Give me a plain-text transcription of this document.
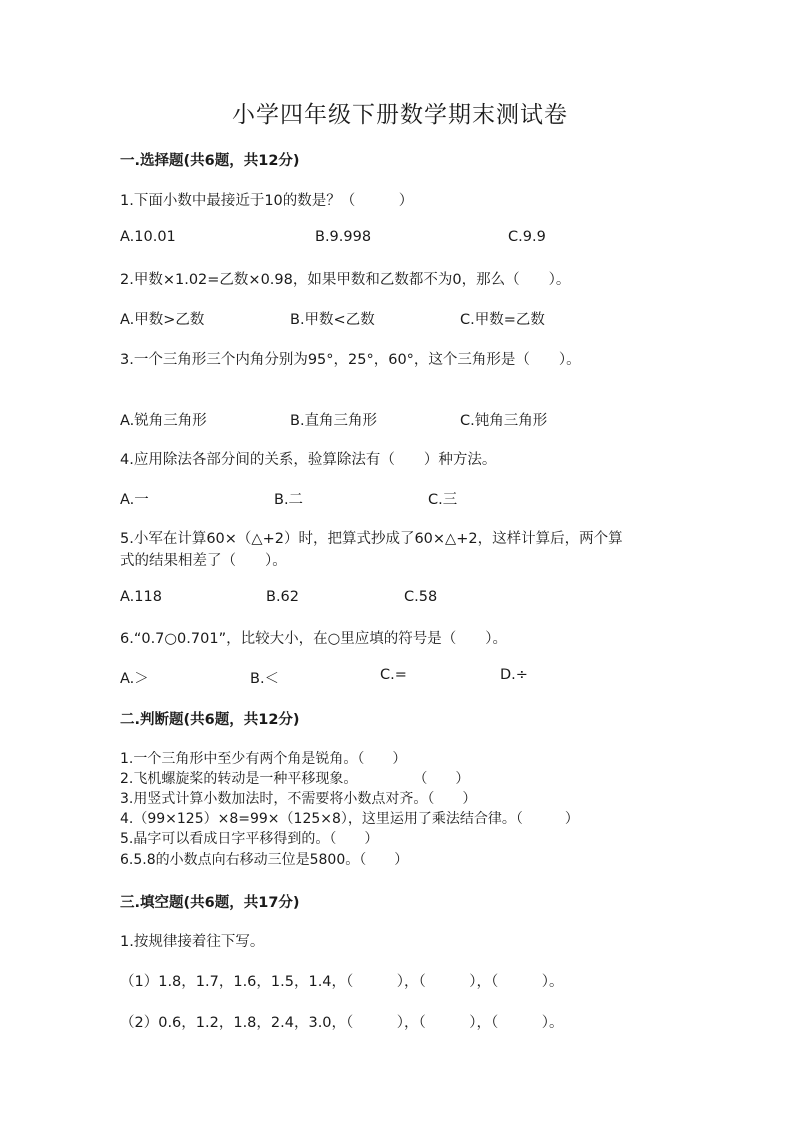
小学四年级下册数学期末测试卷
一.选择题(共6题，共12分)
1.下面小数中最接近于10的数是？（　　　）
A.10.01	B.9.998	C.9.9
2.甲数×1.02=乙数×0.98，如果甲数和乙数都不为0，那么（　　）。
A.甲数>乙数	B.甲数<乙数	C.甲数=乙数
3.一个三角形三个内角分别为95°，25°，60°，这个三角形是（　　）。
A.锐角三角形	B.直角三角形	C.钝角三角形
4.应用除法各部分间的关系，验算除法有（　　）种方法。
A.一	B.二	C.三
5.小军在计算60×（△+2）时，把算式抄成了60×△+2，这样计算后，两个算
式的结果相差了（　　）。
A.118	B.62	C.58
6.“0.7○0.701”，比较大小，在○里应填的符号是（　　）。
A.＞	B.＜	C.=	D.÷
二.判断题(共6题，共12分)
1.一个三角形中至少有两个角是锐角。（　　）
2.飞机螺旋桨的转动是一种平移现象。　　　　　（　　）
3.用竖式计算小数加法时，不需要将小数点对齐。（　　）
4.（99×125）×8=99×（125×8），这里运用了乘法结合律。（　　　）
5.晶字可以看成日字平移得到的。（　　）
6.5.8的小数点向右移动三位是5800。（　　）
三.填空题(共6题，共17分)
1.按规律接着往下写。
（1）1.8，1.7，1.6，1.5，1.4，（　　　），（　　　），（　　　）。
（2）0.6，1.2，1.8，2.4，3.0，（　　　），（　　　），（　　　）。
